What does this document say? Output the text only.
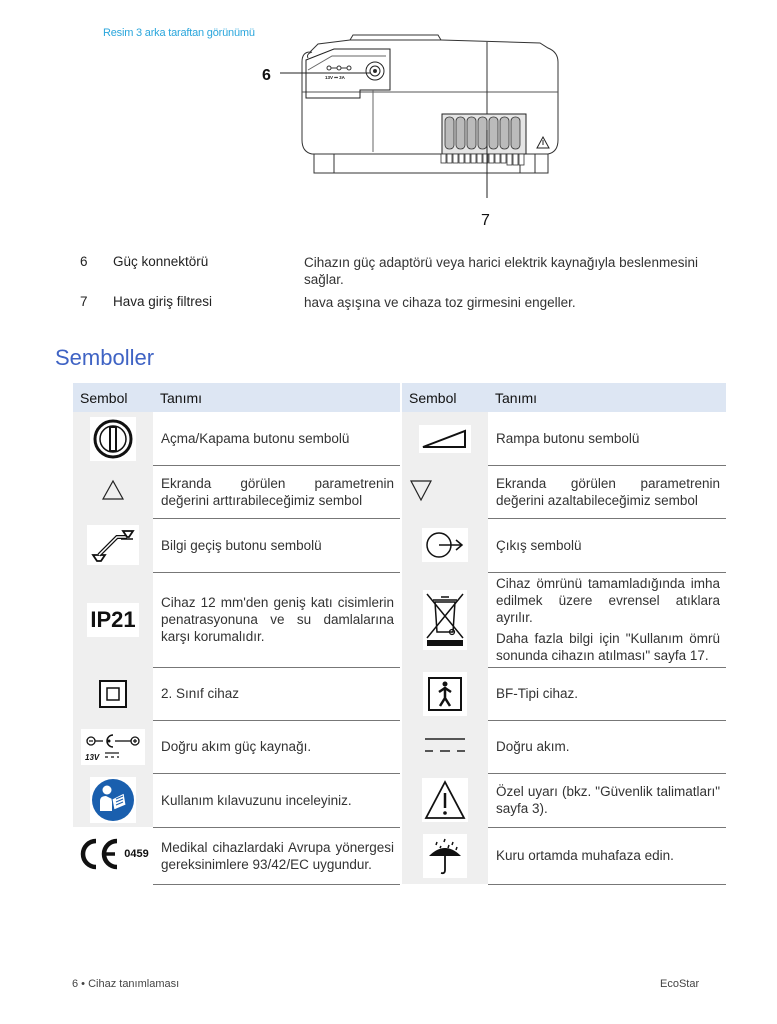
Resim 3 arka taraftan görünümü
13V ⎓ 3A
6
7
6	Güç konnektörü	Cihazın güç adaptörü veya harici elektrik kaynağıyla beslenmesini sağlar.
7	Hava giriş filtresi	hava aşışına ve cihaza toz girmesini engeller.
Semboller
Sembol	Tanımı		Sembol	Tanımı

Açma/Kapama butonu sembolü			Rampa butonu sembolü

Ekranda görülen parametrenin değerini arttırabileceğimiz sembol			Ekranda görülen parametrenin değerini azaltabileceğimiz sembol

Bilgi geçiş butonu sembolü			Çıkış sembolü

IP21	Cihaz 12 mm'den geniş katı cisimlerin penatrasyonuna ve su damlalarına karşı korumalıdır.			Cihaz ömrünü tamamladığında imha edilmek üzere evrensel atıklara ayrılır.

Daha fazla bilgi için "Kullanım ömrü sonunda cihazın atılması" sayfa 17.

2. Sınıf cihaz			BF-Tipi cihaz.

13V	Doğru akım güç kaynağı.			Doğru akım.

Kullanım kılavuzunu inceleyiniz.			Özel uyarı (bkz. "Güvenlik talimatları" sayfa 3).

0459	Medikal cihazlardaki Avrupa yönergesi gereksinimlere 93/42/EC uygundur.			Kuru ortamda muhafaza edin.

6 • Cihaz tanımlaması	EcoStar
